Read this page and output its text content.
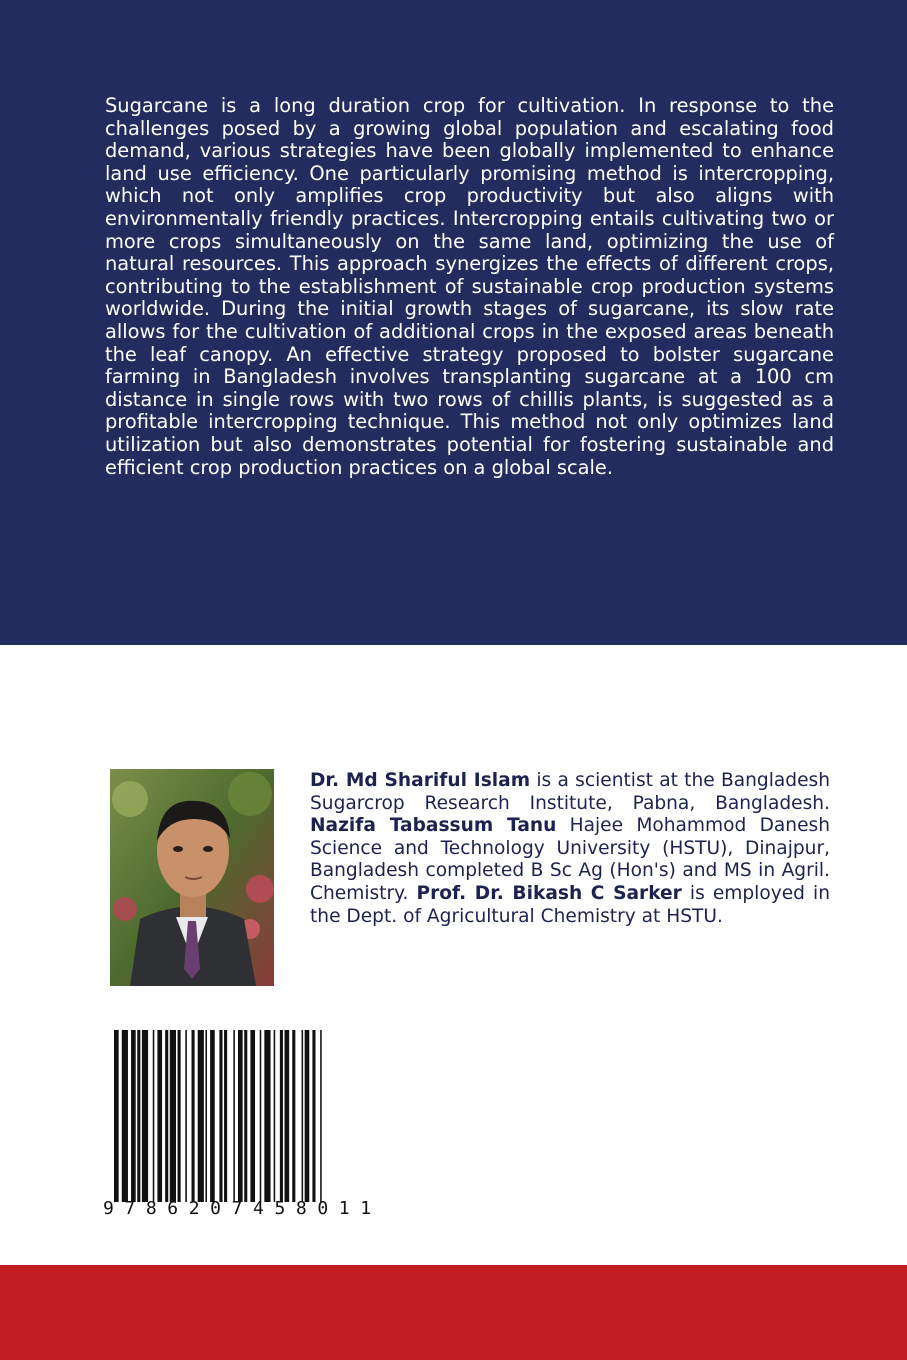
Sugarcane is a long duration crop for cultivation. In response to the challenges posed by a growing global population and escalating food demand, various strategies have been globally implemented to enhance land use efficiency. One particularly promising method is intercropping, which not only amplifies crop productivity but also aligns with environmentally friendly practices. Intercropping entails cultivating two or more crops simultaneously on the same land, optimizing the use of natural resources. This approach synergizes the effects of different crops, contributing to the establishment of sustainable crop production systems worldwide. During the initial growth stages of sugarcane, its slow rate allows for the cultivation of additional crops in the exposed areas beneath the leaf canopy. An effective strategy proposed to bolster sugarcane farming in Bangladesh involves transplanting sugarcane at a 100 cm distance in single rows with two rows of chillis plants, is suggested as a profitable intercropping technique. This method not only optimizes land utilization but also demonstrates potential for fostering sustainable and efficient crop production practices on a global scale.

Dr. Md Shariful Islam is a scientist at the Bangladesh Sugarcrop Research Institute, Pabna, Bangladesh. Nazifa Tabassum Tanu Hajee Mohammod Danesh Science and Technology University (HSTU), Dinajpur, Bangladesh completed B Sc Ag (Hon's) and MS in Agril. Chemistry. Prof. Dr. Bikash C Sarker is employed in the Dept. of Agricultural Chemistry at HSTU.

9786207458011
